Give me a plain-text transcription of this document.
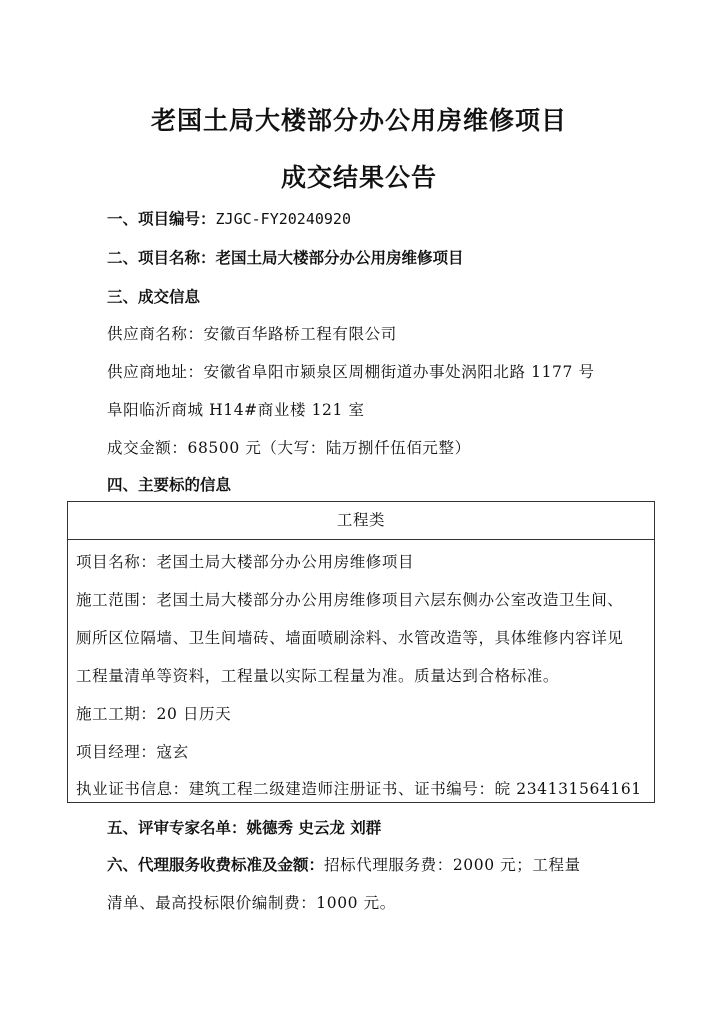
老国土局大楼部分办公用房维修项目
成交结果公告
一、项目编号：ZJGC-FY20240920
二、项目名称：老国土局大楼部分办公用房维修项目
三、成交信息
供应商名称：安徽百华路桥工程有限公司
供应商地址：安徽省阜阳市颍泉区周棚街道办事处涡阳北路 1177 号
阜阳临沂商城 H14#商业楼 121 室
成交金额：68500 元（大写：陆万捌仟伍佰元整）
四、主要标的信息
工程类
项目名称：老国土局大楼部分办公用房维修项目
施工范围：老国土局大楼部分办公用房维修项目六层东侧办公室改造卫生间、
厕所区位隔墙、卫生间墙砖、墙面喷刷涂料、水管改造等，具体维修内容详见
工程量清单等资料，工程量以实际工程量为准。质量达到合格标准。
施工工期：20 日历天
项目经理：寇玄
执业证书信息：建筑工程二级建造师注册证书、证书编号：皖 234131564161
五、评审专家名单：姚德秀 史云龙 刘群
六、代理服务收费标准及金额：招标代理服务费：2000 元；工程量
清单、最高投标限价编制费：1000 元。
